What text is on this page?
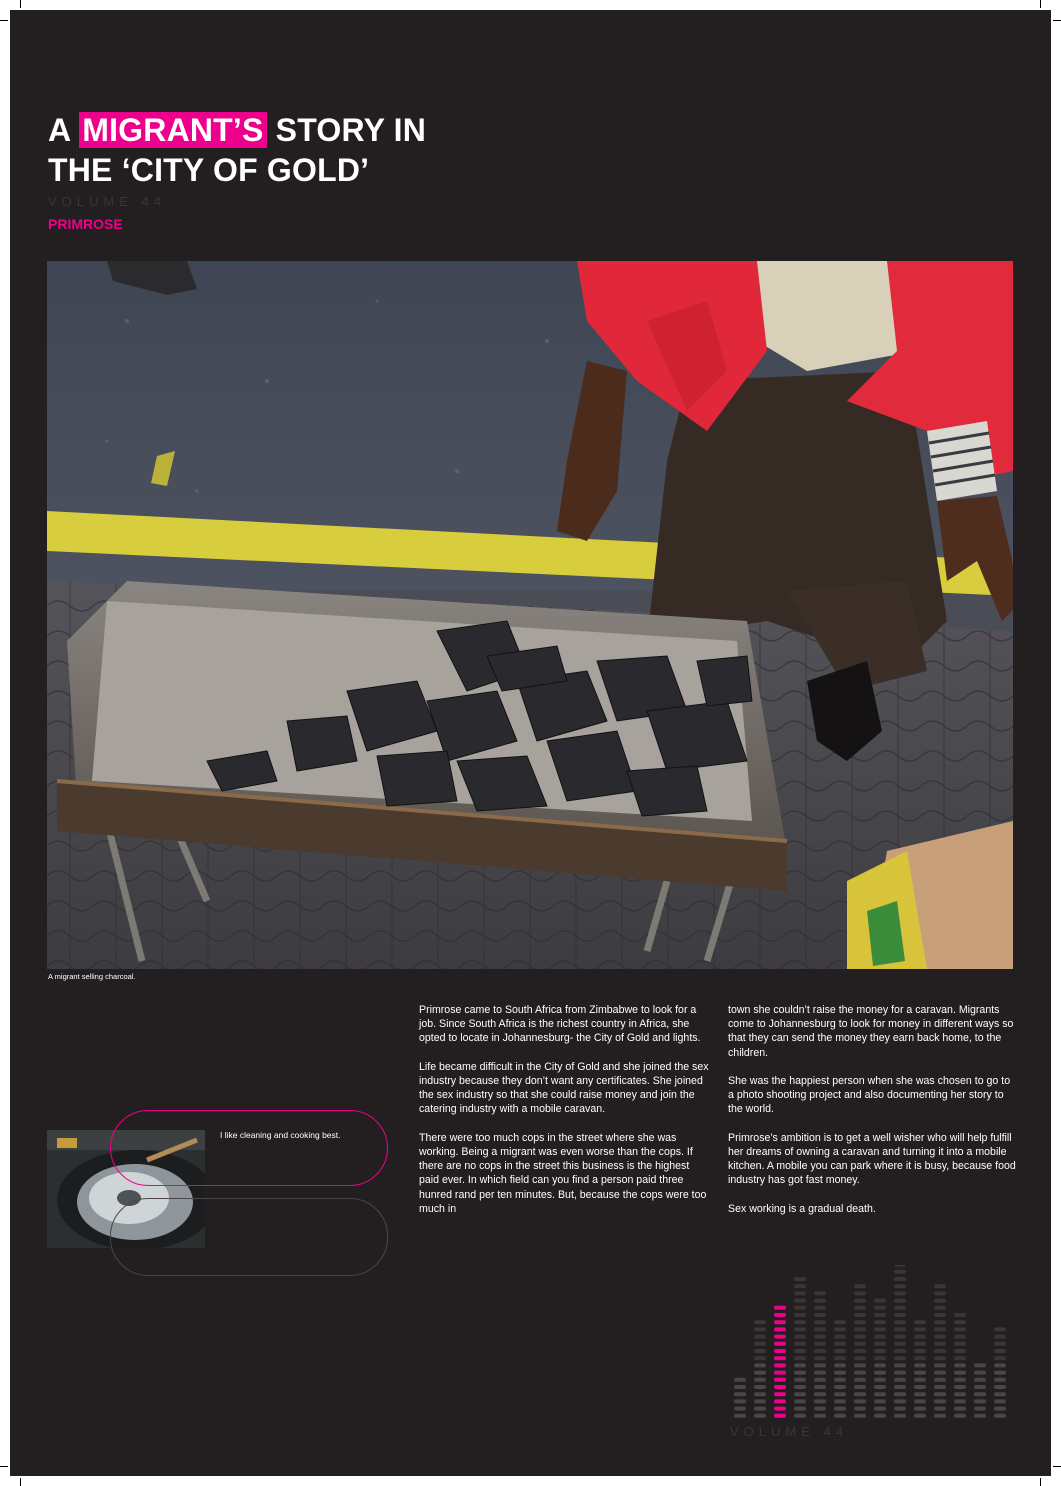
A MIGRANT’S STORY IN
THE ‘CITY OF GOLD’
VOLUME 44
PRIMROSE
A migrant selling charcoal.
I like cleaning and cooking best.

Primrose came to South Africa from Zimbabwe to look for a job. Since South Africa is the richest country in Africa, she opted to locate in Johannesburg- the City of Gold and lights.

Life became difficult in the City of Gold and she joined the sex industry because they don’t want any certificates. She joined the sex industry so that she could raise money and join the catering industry with a mobile caravan.

There were too much cops in the street where she was working. Being a migrant was even worse than the cops. If there are no cops in the street this business is the highest paid ever. In which field can you find a person paid three hunred rand per ten minutes. But, because the cops were too much in

town she couldn’t raise the money for a caravan. Migrants come to Johannesburg to look for money in different ways so that they can send the money they earn back home, to the children.

She was the happiest person when she was chosen to go to a photo shooting project and also documenting her story to the world.

Primrose’s ambition is to get a well wisher who will help fulfill her dreams of owning a caravan and turning it into a mobile kitchen. A mobile you can park where it is busy, because food industry has got fast money.

Sex working is a gradual death.

VOLUME 44
